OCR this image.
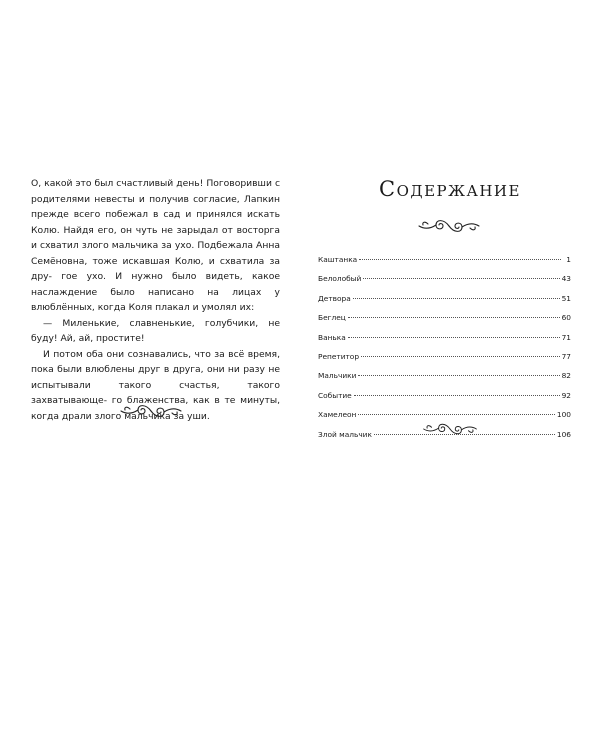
О, какой это был счастливый день! Поговоривши с родителями невесты и получив согласие, Лапкин прежде всего побежал в сад и принялся искать Колю. Найдя его, он чуть не зарыдал от восторга и схватил злого мальчика за ухо. Подбежала Анна Семёновна, тоже искавшая Колю, и схватила за дру- гое ухо. И нужно было видеть, какое наслаждение было написано на лицах у влюблённых, когда Коля плакал и умолял их:

— Миленькие, славненькие, голубчики, не буду! Ай, ай, простите!

И потом оба они сознавались, что за всё время, пока были влюблены друг в друга, они ни разу не испытывали такого счастья, такого захватывающе- го блаженства, как в те минуты, когда драли злого мальчика за уши.

Содержание
Каштанка	1
Белолобый	43
Детвора	51
Беглец	60
Ванька	71
Репетитор	77
Мальчики	82
Событие	92
Хамелеон	100
Злой мальчик	106
